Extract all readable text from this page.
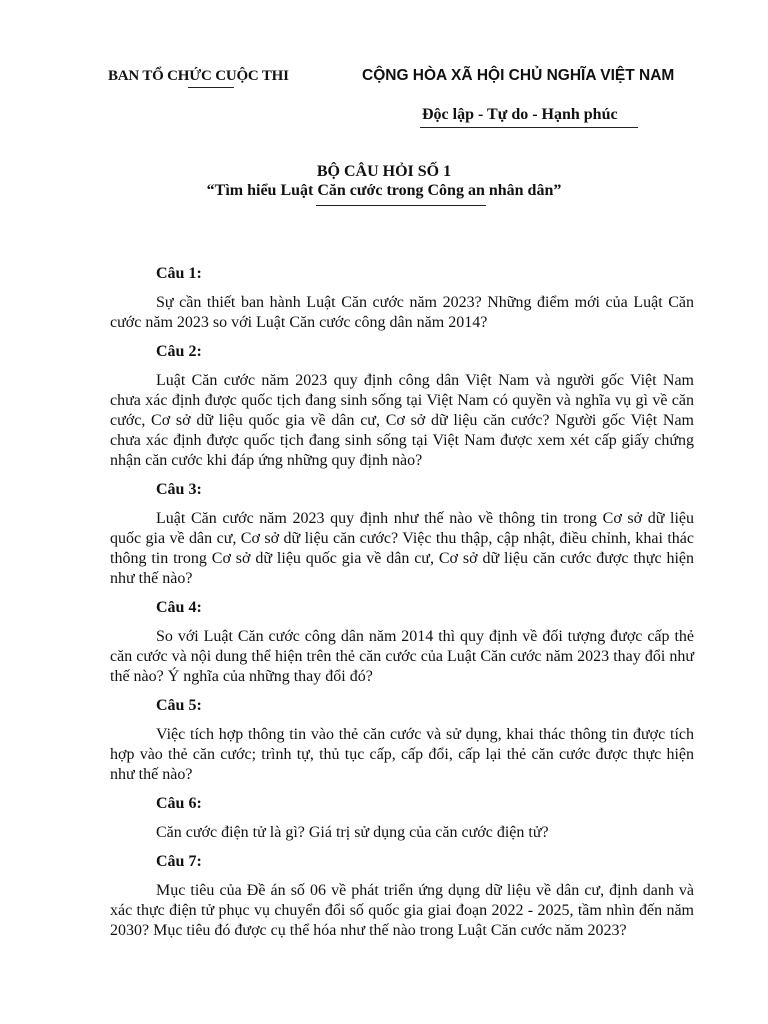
BAN TỔ CHỨC CUỘC THI	CỘNG HÒA XÃ HỘI CHỦ NGHĨA VIỆT NAM
Độc lập - Tự do - Hạnh phúc
BỘ CÂU HỎI SỐ 1
“Tìm hiểu Luật Căn cước trong Công an nhân dân”

Câu 1:

Sự cần thiết ban hành Luật Căn cước năm 2023? Những điểm mới của Luật Căn cước năm 2023 so với Luật Căn cước công dân năm 2014?

Câu 2:

Luật Căn cước năm 2023 quy định công dân Việt Nam và người gốc Việt Nam chưa xác định được quốc tịch đang sinh sống tại Việt Nam có quyền và nghĩa vụ gì về căn cước, Cơ sở dữ liệu quốc gia về dân cư, Cơ sở dữ liệu căn cước? Người gốc Việt Nam chưa xác định được quốc tịch đang sinh sống tại Việt Nam được xem xét cấp giấy chứng nhận căn cước khi đáp ứng những quy định nào?

Câu 3:

Luật Căn cước năm 2023 quy định như thế nào về thông tin trong Cơ sở dữ liệu quốc gia về dân cư, Cơ sở dữ liệu căn cước? Việc thu thập, cập nhật, điều chỉnh, khai thác thông tin trong Cơ sở dữ liệu quốc gia về dân cư, Cơ sở dữ liệu căn cước được thực hiện như thế nào?

Câu 4:

So với Luật Căn cước công dân năm 2014 thì quy định về đối tượng được cấp thẻ căn cước và nội dung thể hiện trên thẻ căn cước của Luật Căn cước năm 2023 thay đổi như thế nào? Ý nghĩa của những thay đổi đó?

Câu 5:

Việc tích hợp thông tin vào thẻ căn cước và sử dụng, khai thác thông tin được tích hợp vào thẻ căn cước; trình tự, thủ tục cấp, cấp đổi, cấp lại thẻ căn cước được thực hiện như thế nào?

Câu 6:

Căn cước điện tử là gì? Giá trị sử dụng của căn cước điện tử?

Câu 7:

Mục tiêu của Đề án số 06 về phát triển ứng dụng dữ liệu về dân cư, định danh và xác thực điện tử phục vụ chuyển đổi số quốc gia giai đoạn 2022 - 2025, tầm nhìn đến năm 2030? Mục tiêu đó được cụ thể hóa như thế nào trong Luật Căn cước năm 2023?
